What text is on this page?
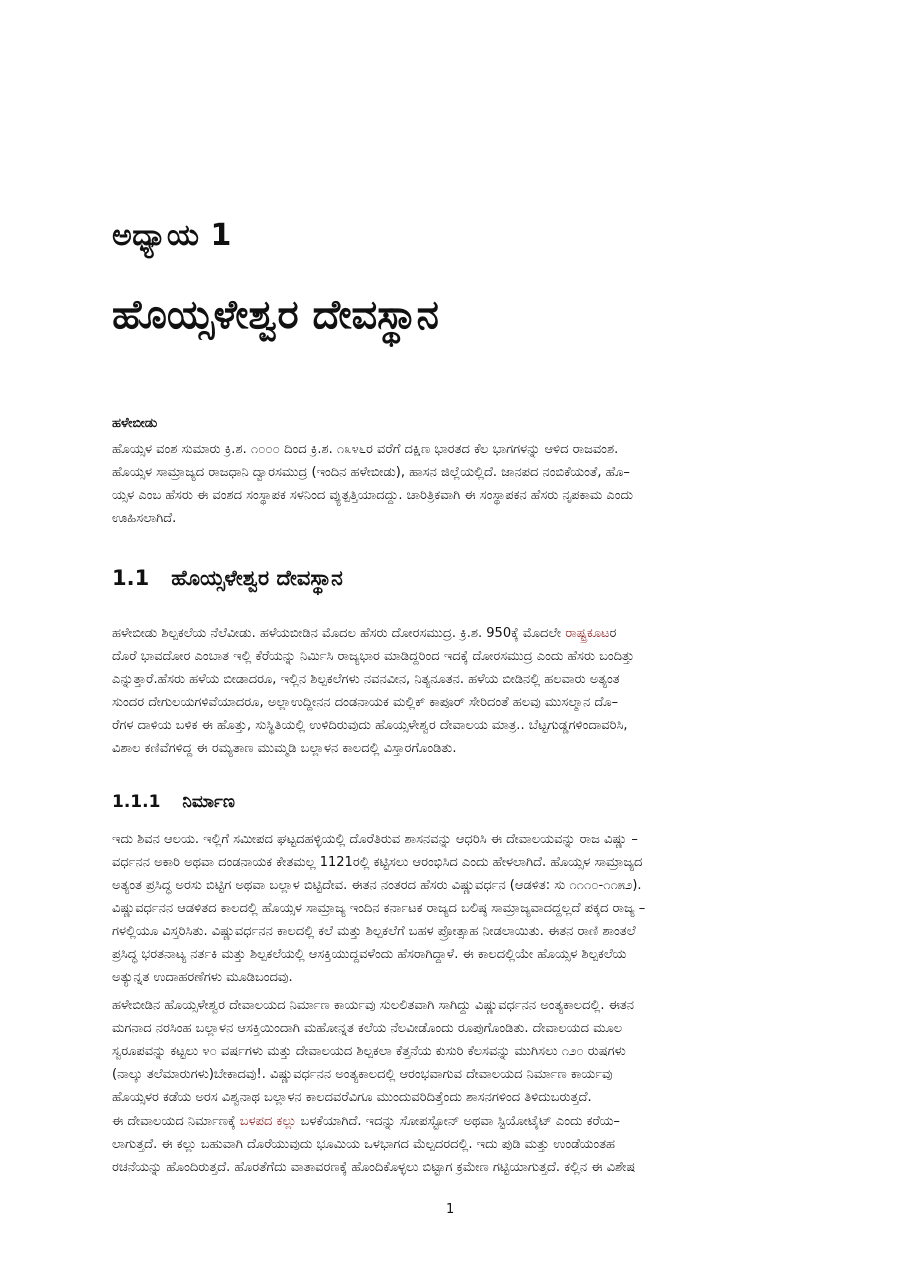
ಅಧ್ಯಾಯ 1
ಹೊಯ್ಸಳೇಶ್ವರ ದೇವಸ್ಥಾನ
ಹಳೇಬೀಡು
ಹೊಯ್ಸಳ ವಂಶ ಸುಮಾರು ಕ್ರಿ.ಶ. ೧೦೦೦ ದಿಂದ ಕ್ರಿ.ಶ. ೧೩೪೬ರ ವರೆಗೆ ದಕ್ಷಿಣ ಭಾರತದ ಕೆಲ ಭಾಗಗಳನ್ನು ಆಳಿದ ರಾಜವಂಶ.
ಹೊಯ್ಸಳ ಸಾಮ್ರಾಜ್ಯದ ರಾಜಧಾನಿ ದ್ವಾರಸಮುದ್ರ (ಇಂದಿನ ಹಳೇಬೀಡು), ಹಾಸನ ಜಿಲ್ಲೆಯಲ್ಲಿದೆ. ಜಾನಪದ ನಂಬಿಕೆಯಂತೆ, ಹೊ–
ಯ್ಸಳ ಎಂಬ ಹೆಸರು ಈ ವಂಶದ ಸಂಸ್ಥಾಪಕ ಸಳನಿಂದ ವ್ಯುತ್ಪತ್ತಿಯಾದದ್ದು. ಚಾರಿತ್ರಿಕವಾಗಿ ಈ ಸಂಸ್ಥಾಪಕನ ಹೆಸರು ನೃಪಕಾಮ ಎಂದು
ಊಹಿಸಲಾಗಿದೆ.
1.1 ಹೊಯ್ಸಳೇಶ್ವರ ದೇವಸ್ಥಾನ
ಹಳೇಬೀಡು ಶಿಲ್ಪಕಲೆಯ ನೆಲೆವೀಡು. ಹಳೆಯಬೀಡಿನ ಮೊದಲ ಹೆಸರು ದೋರಸಮುದ್ರ. ಕ್ರಿ.ಶ. 950ಕ್ಕೆ ಮೊದಲೇ ರಾಷ್ಟ್ರಕೂಟರ
ದೊರೆ ಭಾವದೋರ ಎಂಬಾತ ಇಲ್ಲಿ ಕೆರೆಯನ್ನು ನಿರ್ಮಿಸಿ ರಾಜ್ಯಭಾರ ಮಾಡಿದ್ದರಿಂದ ಇದಕ್ಕೆ ದೋರಸಮುದ್ರ ಎಂದು ಹೆಸರು ಬಂದಿತ್ತು
ಎನ್ನುತ್ತಾರೆ.ಹೆಸರು ಹಳೆಯ ಬೀಡಾದರೂ, ಇಲ್ಲಿನ ಶಿಲ್ಪಕಲೆಗಳು ನವನವೀನ, ನಿತ್ಯನೂತನ. ಹಳೆಯ ಬೀಡಿನಲ್ಲಿ ಹಲವಾರು ಅತ್ಯಂತ
ಸುಂದರ ದೇಗುಲಯಗಳಿವೆಯಾದರೂ, ಅಲ್ಲಾಉದ್ದೀನನ ದಂಡನಾಯಕ ಮಲ್ಲಿಕ್ ಕಾಪೂರ್ ಸೇರಿದಂತೆ ಹಲವು ಮುಸಲ್ಮಾನ ದೊ–
ರೆಗಳ ದಾಳಿಯ ಬಳಿಕ ಈ ಹೊತ್ತು, ಸುಸ್ಥಿತಿಯಲ್ಲಿ ಉಳಿದಿರುವುದು ಹೊಯ್ಸಳೇಶ್ವರ ದೇವಾಲಯ ಮಾತ್ರ.. ಬೆಟ್ಟಗುಡ್ಡಗಳಿಂದಾವರಿಸಿ,
ವಿಶಾಲ ಕಣಿವೆಗಳಿದ್ದ ಈ ರಮ್ಯತಾಣ ಮುಮ್ಮಡಿ ಬಲ್ಲಾಳನ ಕಾಲದಲ್ಲಿ ವಿಸ್ತಾರಗೊಂಡಿತು.
1.1.1 ನಿರ್ಮಾಣ
ಇದು ಶಿವನ ಆಲಯ. ಇಲ್ಲಿಗೆ ಸಮೀಪದ ಘಟ್ಟದಹಳ್ಳಿಯಲ್ಲಿ ದೊರೆತಿರುವ ಶಾಸನವನ್ನು ಆಧರಿಸಿ ಈ ದೇವಾಲಯವನ್ನು ರಾಜ ವಿಷ್ಣು –
ವರ್ಧನನ ಅಕಾರಿ ಅಥವಾ ದಂಡನಾಯಕ ಕೇತಮಲ್ಲ 1121ರಲ್ಲಿ ಕಟ್ಟಿಸಲು ಆರಂಭಿಸಿದ ಎಂದು ಹೇಳಲಾಗಿದೆ. ಹೊಯ್ಸಳ ಸಾಮ್ರಾಜ್ಯದ
ಅತ್ಯಂತ ಪ್ರಸಿದ್ಧ ಅರಸು ಬಿಟ್ಟಿಗ ಅಥವಾ ಬಲ್ಲಾಳ ಬಿಟ್ಟಿದೇವ. ಈತನ ನಂತರದ ಹೆಸರು ವಿಷ್ಣುವರ್ಧನ (ಆಡಳಿತ: ಸು ೧೧೧೦-೧೧೫೨).
ವಿಷ್ಣುವರ್ಧನನ ಆಡಳಿತದ ಕಾಲದಲ್ಲಿ ಹೊಯ್ಸಳ ಸಾಮ್ರಾಜ್ಯ ಇಂದಿನ ಕರ್ನಾಟಕ ರಾಜ್ಯದ ಬಲಿಷ್ಠ ಸಾಮ್ರಾಜ್ಯವಾದದ್ದಲ್ಲದೆ ಪಕ್ಕದ ರಾಜ್ಯ –
ಗಳಲ್ಲಿಯೂ ವಿಸ್ತರಿಸಿತು. ವಿಷ್ಣುವರ್ಧನನ ಕಾಲದಲ್ಲಿ ಕಲೆ ಮತ್ತು ಶಿಲ್ಪಕಲೆಗೆ ಬಹಳ ಪ್ರೋತ್ಸಾಹ ನೀಡಲಾಯಿತು. ಈತನ ರಾಣಿ ಶಾಂತಲೆ
ಪ್ರಸಿದ್ಧ ಭರತನಾಟ್ಯ ನರ್ತಕಿ ಮತ್ತು ಶಿಲ್ಪಕಲೆಯಲ್ಲಿ ಆಸಕ್ತಿಯುದ್ದವಳೆಂದು ಹೆಸರಾಗಿದ್ದಾಳೆ. ಈ ಕಾಲದಲ್ಲಿಯೇ ಹೊಯ್ಸಳ ಶಿಲ್ಪಕಲೆಯ
ಅತ್ಯುನ್ನತ ಉದಾಹರಣೆಗಳು ಮೂಡಿಬಂದವು.
ಹಳೇಬೀಡಿನ ಹೊಯ್ಸಳೇಶ್ವರ ದೇವಾಲಯದ ನಿರ್ಮಾಣ ಕಾರ್ಯವು ಸುಲಲಿತವಾಗಿ ಸಾಗಿದ್ದು ವಿಷ್ಣುವರ್ಧನನ ಅಂತ್ಯಕಾಲದಲ್ಲಿ. ಈತನ
ಮಗನಾದ ನರಸಿಂಹ ಬಲ್ಲಾಳನ ಆಸಕ್ತಿಯಿಂದಾಗಿ ಮಹೋನ್ನತ ಕಲೆಯ ನೆಲವೀಡೊಂದು ರೂಪುಗೊಂಡಿತು. ದೇವಾಲಯದ ಮೂಲ
ಸ್ವರೂಪವನ್ನು ಕಟ್ಟಲು ೪೦ ವರ್ಷಗಳು ಮತ್ತು ದೇವಾಲಯದ ಶಿಲ್ಪಕಲಾ ಕೆತ್ತನೆಯ ಕುಸುರಿ ಕೆಲಸವನ್ನು ಮುಗಿಸಲು ೧೨೦ ರುಷಗಳು
(ನಾಲ್ಕು ತಲೆಮಾರುಗಳು)ಬೇಕಾದವು!. ವಿಷ್ಣುವರ್ಧನನ ಅಂತ್ಯಕಾಲದಲ್ಲಿ ಆರಂಭವಾಗುವ ದೇವಾಲಯದ ನಿರ್ಮಾಣ ಕಾರ್ಯವು
ಹೊಯ್ಸಳರ ಕಡೆಯ ಅರಸ ವಿಶ್ವನಾಥ ಬಲ್ಲಾಳನ ಕಾಲದವರೆವಿಗೂ ಮುಂದುವರಿದಿತ್ತೆಂದು ಶಾಸನಗಳಿಂದ ತಿಳಿದುಬರುತ್ತದೆ.
ಈ ದೇವಾಲಯದ ನಿರ್ಮಾಣಕ್ಕೆ ಬಳಪದ ಕಲ್ಲು ಬಳಕೆಯಾಗಿದೆ. ಇದನ್ನು ಸೋಪಸ್ಟೋನ್ ಅಥವಾ ಸ್ಟಿಯೋಟೈಟ್ ಎಂದು ಕರೆಯ–
ಲಾಗುತ್ತದೆ. ಈ ಕಲ್ಲು ಬಹುವಾಗಿ ದೊರೆಯುವುದು ಭೂಮಿಯ ಒಳಭಾಗದ ಮೆಲ್ಪದರದಲ್ಲಿ. ಇದು ಪುಡಿ ಮತ್ತು ಉಂಡೆಯಂತಹ
ರಚನೆಯನ್ನು ಹೊಂದಿರುತ್ತದೆ. ಹೊರತೆಗೆದು ವಾತಾವರಣಕ್ಕೆ ಹೊಂದಿಕೊಳ್ಳಲು ಬಿಟ್ಟಾಗ ಕ್ರಮೇಣ ಗಟ್ಟಿಯಾಗುತ್ತದೆ. ಕಲ್ಲಿನ ಈ ವಿಶೇಷ
1
